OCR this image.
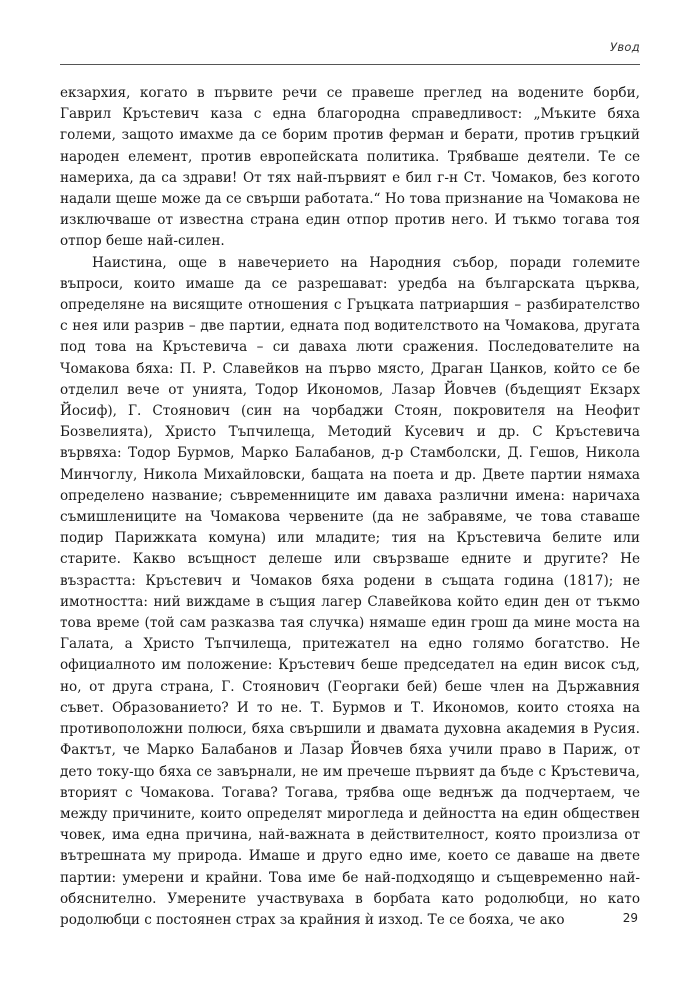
Увод

екзархия, когато в първите речи се правеше преглед на водените борби, Гаврил Кръстевич каза с една благородна справедливост: „Мъките бяха големи, защото имахме да се борим против ферман и берати, против гръцкий народен елемент, против европейската политика. Трябваше деятели. Те се намериха, да са здрави! От тях най-първият е бил г-н Ст. Чомаков, без когото надали щеше може да се свърши работата.“ Но това признание на Чомакова не изключваше от известна страна един отпор против него. И тъкмо тогава тоя отпор беше най-силен.

Наистина, още в навечерието на Народния събор, поради големите въпроси, които имаше да се разрешават: уредба на българската църква, определяне на висящите отношения с Гръцката патриаршия – разбирателство с нея или разрив – две партии, едната под водителството на Чомакова, другата под това на Кръстевича – си даваха люти сражения. Последователите на Чомакова бяха: П. Р. Славейков на първо място, Драган Цанков, който се бе отделил вече от унията, Тодор Икономов, Лазар Йовчев (бъдещият Екзарх Йосиф), Г. Стоянович (син на чорбаджи Стоян, покровителя на Неофит Бозвелията), Христо Тъпчилеща, Методий Кусевич и др. С Кръстевича вървяха: Тодор Бурмов, Марко Балабанов, д-р Стамболски, Д. Гешов, Никола Минчоглу, Никола Михайловски, бащата на поета и др. Двете партии нямаха определено название; съвременниците им даваха различни имена: наричаха съмишлениците на Чомакова червените (да не забравяме, че това ставаше подир Парижката комуна) или младите; тия на Кръстевича белите или старите. Какво всъщност делеше или свързваше едните и другите? Не възрастта: Кръстевич и Чомаков бяха родени в същата година (1817); не имотността: ний виждаме в същия лагер Славейкова който един ден от тъкмо това време (той сам разказва тая случка) нямаше един грош да мине моста на Галата, а Христо Тъпчилеща, притежател на едно голямо богатство. Не официалното им положение: Кръстевич беше председател на един висок съд, но, от друга страна, Г. Стоянович (Георгаки бей) беше член на Държавния съвет. Образованието? И то не. Т. Бурмов и Т. Икономов, които стояха на противоположни полюси, бяха свършили и двамата духовна академия в Русия. Фактът, че Марко Балабанов и Лазар Йовчев бяха учили право в Париж, от дето току-що бяха се завърнали, не им пречеше първият да бъде с Кръстевича, вторият с Чомакова. Тогава? Тогава, трябва още веднъж да подчертаем, че между причините, които определят мирогледа и дейността на един обществен човек, има една причина, най-важната в действителност, която произлиза от вътрешната му природа. Имаше и друго едно име, което се даваше на двете партии: умерени и крайни. Това име бе най-подходящо и същевременно най-обяснително. Умерените участвуваха в борбата като родолюбци, но като родолюбци с постоянен страх за крайния ѝ изход. Те се бояха, че ако	29
